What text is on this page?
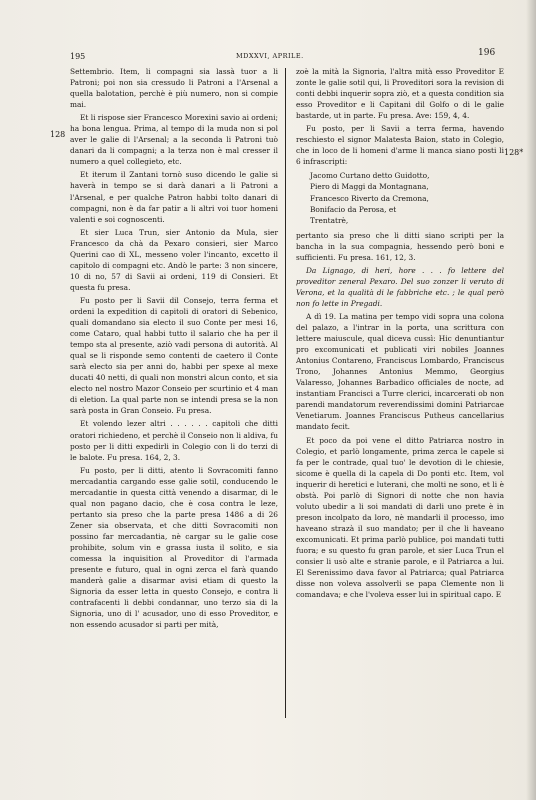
195	MDXXVI, APRILE.	196
128
128*

Settembrio. Item, li compagni sia lassà tuor a li Patroni; poi non sia cressudo li Patroni a l'Arsenal a quella balotation, perchè è più numero, non si compie mai.

Et li rispose sier Francesco Morexini savio ai ordeni; ha bona lengua. Prima, al tempo di la muda non si pol aver le galie di l'Arsenal; a la seconda li Patroni tuò danari da li compagni; a la terza non è mal cresser il numero a quel collegieto, etc.

Et iterum il Zantani tornò suso dicendo le galie si haverà in tempo se si darà danari a li Patroni a l'Arsenal, e per qualche Patron habbi tolto danari di compagni, non è da far patir a li altri voi tuor homeni valenti e soi cognoscenti.

Et sier Luca Trun, sier Antonio da Mula, sier Francesco da chà da Pexaro consieri, sier Marco Querini cao di XL, messeno voler l'incanto, excetto il capitolo di compagni etc. Andò le parte: 3 non sincere, 10 di no, 57 di Savii ai ordeni, 119 di Consieri. Et questa fu presa.

Fu posto per li Savii dil Consejo, terra ferma et ordeni la expedition di capitoli di oratori di Sebenico, quali domandano sia electo il suo Conte per mesi 16, come Cataro, qual habbi tutto il salario che ha per il tempo sta al presente, aziò vadi persona di autorità. Al qual se li risponde semo contenti de caetero il Conte sarà electo sia per anni do, habbi per spexe al mexe ducati 40 netti, di quali non monstri alcun conto, et sia electo nel nostro Mazor Conseio per scurtinio et 4 man di eletion. La qual parte non se intendi presa se la non sarà posta in Gran Conseio. Fu presa.

Et volendo lezer altri . . . . . . capitoli che ditti oratori richiedeno, et perchè il Conseio non li aldiva, fu posto per li ditti expedirli in Colegio con li do terzi di le balote. Fu presa. 164, 2, 3.

Fu posto, per li ditti, atento li Sovracomiti fanno mercadantia cargando esse galie sotil, conducendo le mercadantie in questa città venendo a disarmar, di le qual non pagano dacio, che è cosa contra le leze, pertanto sia preso che la parte presa 1486 a di 26 Zener sia observata, et che ditti Sovracomiti non possino far mercadantia, nè cargar su le galie cose prohibite, solum vin e grassa iusta il solito, e sia comessa la inquisition al Proveditor di l'armada presente e futuro, qual in ogni zerca el farà quando manderà galie a disarmar avisi etiam di questo la Signoria da esser letta in questo Consejo, e contra li contrafacenti li debbi condannar, uno terzo sia di la Signoria, uno di l' acusador, uno di esso Proveditor, e non essendo acusador si parti per mità,

zoè la mità la Signoria, l'altra mità esso Proveditor E zonte le galie sotil qui, li Proveditori sora la revision di conti debbi inquerir sopra ziò, et a questa condition sia esso Proveditor e li Capitani dil Golfo o di le galie bastarde, ut in parte. Fu presa. Ave: 159, 4, 4.

Fu posto, per li Savii a terra ferma, havendo reschiesto el signor Malatesta Baion, stato in Colegio, che in loco de li homeni d'arme li manca siano posti li 6 infrascripti:

Jacomo Curtano detto Guidotto,
Piero di Maggi da Montagnana,
Francesco Riverto da Cremona,
Bonifacio da Perosa, et
Trentatrè,

pertanto sia preso che li ditti siano scripti per la bancha in la sua compagnia, hessendo però boni e sufficienti. Fu presa. 161, 12, 3.

Da Lignago, di heri, hore . . . fo lettere del proveditor zeneral Pexaro. Del suo zonzer li veruto di Verona, et la qualità di le fabbriche etc. ; le qual però non fo lette in Pregadi.

A dì 19. La matina per tempo vidi sopra una colona del palazo, a l'intrar in la porta, una scrittura con lettere maiuscule, qual diceva cussì: Hic denuntiantur pro excomunicati et publicati viri nobiles Joannes Antonius Contareno, Franciscus Lombardo, Franciscus Trono, Johannes Antonius Memmo, Georgius Valaresso, Johannes Barbadico officiales de nocte, ad instantiam Francisci a Turre clerici, incarcerati ob non parendi mandatorum reverendissimi domini Patriarcae Venetiarum. Joannes Franciscus Putheus cancellarius mandato fecit.

Et poco da poi vene el ditto Patriarca nostro in Colegio, et parlò longamente, prima zerca le capele si fa per le contrade, qual tuo' le devotion di le chiesie, sicome è quella di la capela di Do ponti etc. Item, vol inquerir di heretici e luterani, che molti ne sono, et li è obstà. Poi parlò di Signori di notte che non havia voluto ubedir a li soi mandati di darli uno prete è in preson incolpato da loro, nè mandarli il processo, imo haveano strazà il suo mandato; per il che li haveano excomunicati. Et prima parlò publice, poi mandati tutti fuora; e su questo fu gran parole, et sier Luca Trun el consier li usò alte e stranie parole, e il Patriarca a lui. El Serenissimo dava favor al Patriarca; qual Patriarca disse non voleva assolverli se papa Clemente non li comandava; e che l'voleva esser lui in spiritual capo. E
